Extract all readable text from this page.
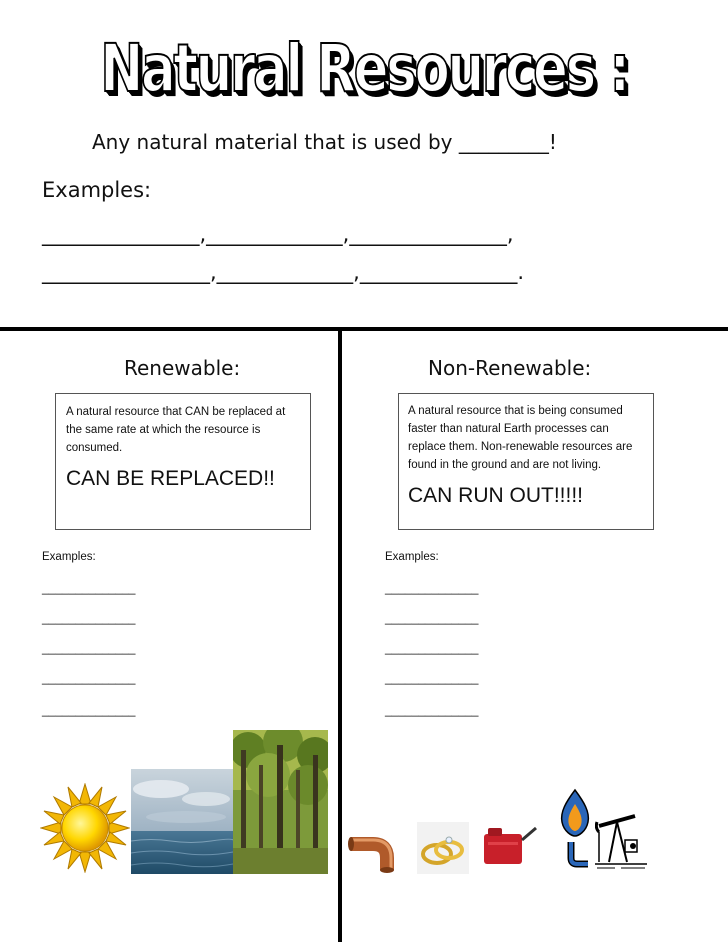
Natural Resources :
Any natural material that is used by _________!
Examples:
_______________,_____________,_______________,
________________,_____________,_______________.
Renewable:
A natural resource that CAN be replaced at the same rate at which the resource is consumed.
CAN BE REPLACED!!
Examples:
______________
______________
______________
______________
______________
Non-Renewable:
A natural resource that is being consumed faster than natural Earth processes can replace them. Non-renewable resources are found in the ground and are not living.
CAN RUN OUT!!!!!
Examples:
______________
______________
______________
______________
______________
